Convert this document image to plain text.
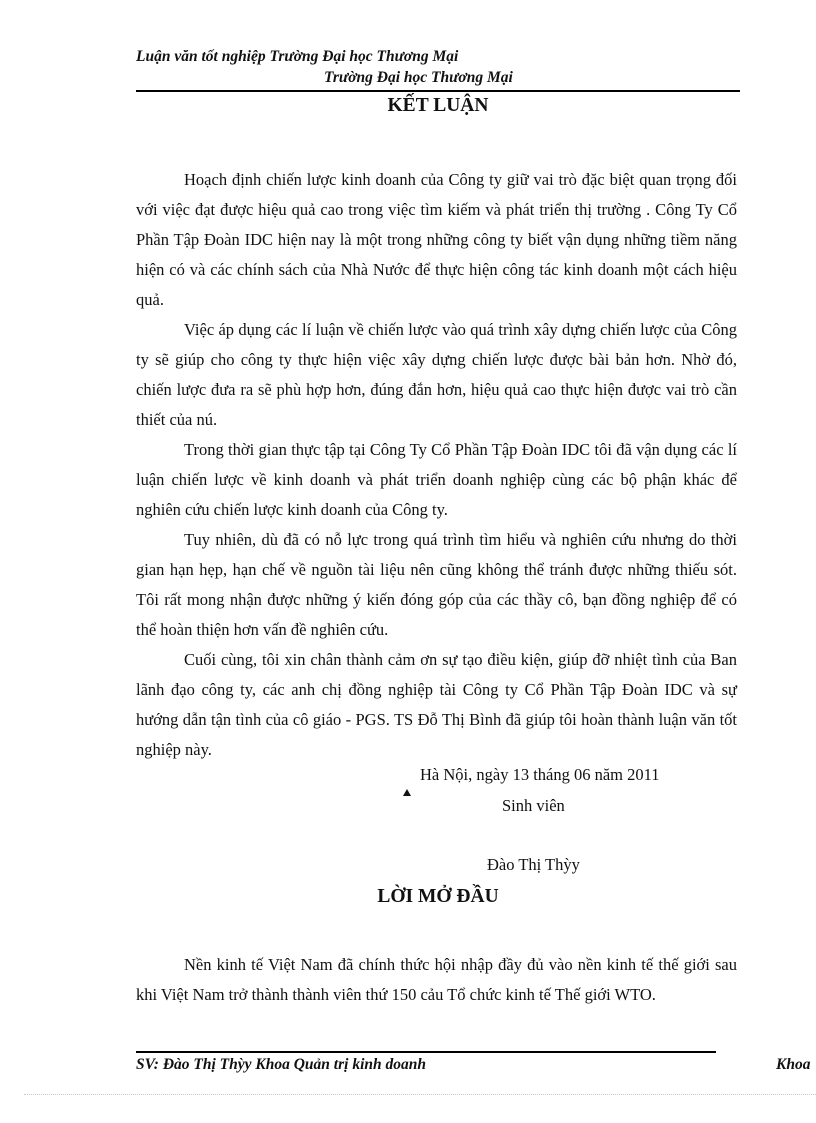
Luận văn tốt nghiệp Trường Đại học Thương Mại
Trường Đại học Thương Mại
KẾT LUẬN

Hoạch định chiến lược kinh doanh của Công ty giữ vai trò đặc biệt quan trọng đối với việc đạt được hiệu quả cao trong việc tìm kiếm và phát triển thị trường . Công Ty Cổ Phần Tập Đoàn IDC hiện nay là một trong những công ty biết vận dụng những tiềm năng hiện có và các chính sách của Nhà Nước để thực hiện công tác kinh doanh một cách hiệu quả.

Việc áp dụng các lí luận về chiến lược vào quá trình xây dựng chiến lược của Công ty sẽ giúp cho công ty thực hiện việc xây dựng chiến lược được bài bản hơn. Nhờ đó, chiến lược đưa ra sẽ phù hợp hơn, đúng đắn hơn, hiệu quả cao thực hiện được vai trò cần thiết của nú.

Trong thời gian thực tập tại Công Ty Cổ Phần Tập Đoàn IDC tôi đã vận dụng các lí luận chiến lược về kinh doanh và phát triển doanh nghiệp cùng các bộ phận khác để nghiên cứu chiến lược kinh doanh của Công ty.

Tuy nhiên, dù đã có nỗ lực trong quá trình tìm hiểu và nghiên cứu nhưng do thời gian hạn hẹp, hạn chế về nguồn tài liệu nên cũng không thể tránh được những thiếu sót. Tôi rất mong nhận được những ý kiến đóng góp của các thầy cô, bạn đồng nghiệp để có thể hoàn thiện hơn vấn đề nghiên cứu.

Cuối cùng, tôi xin chân thành cảm ơn sự tạo điều kiện, giúp đỡ nhiệt tình của Ban lãnh đạo công ty, các anh chị đồng nghiệp tài Công ty Cổ Phần Tập Đoàn IDC và sự hướng dẫn tận tình của cô giáo - PGS. TS Đỗ Thị Bình đã giúp tôi hoàn thành luận văn tốt nghiệp này.

Hà Nội, ngày 13 tháng 06 năm 2011
Sinh viên
Đào Thị Thỳy
LỜI MỞ ĐẦU

Nền kinh tế Việt Nam đã chính thức hội nhập đầy đủ vào nền kinh tế thế giới sau khi Việt Nam trở thành thành viên thứ 150 cảu Tổ chức kinh tế Thế giới WTO.

SV: Đào Thị Thỳy Khoa Quản trị kinh doanh	Khoa
